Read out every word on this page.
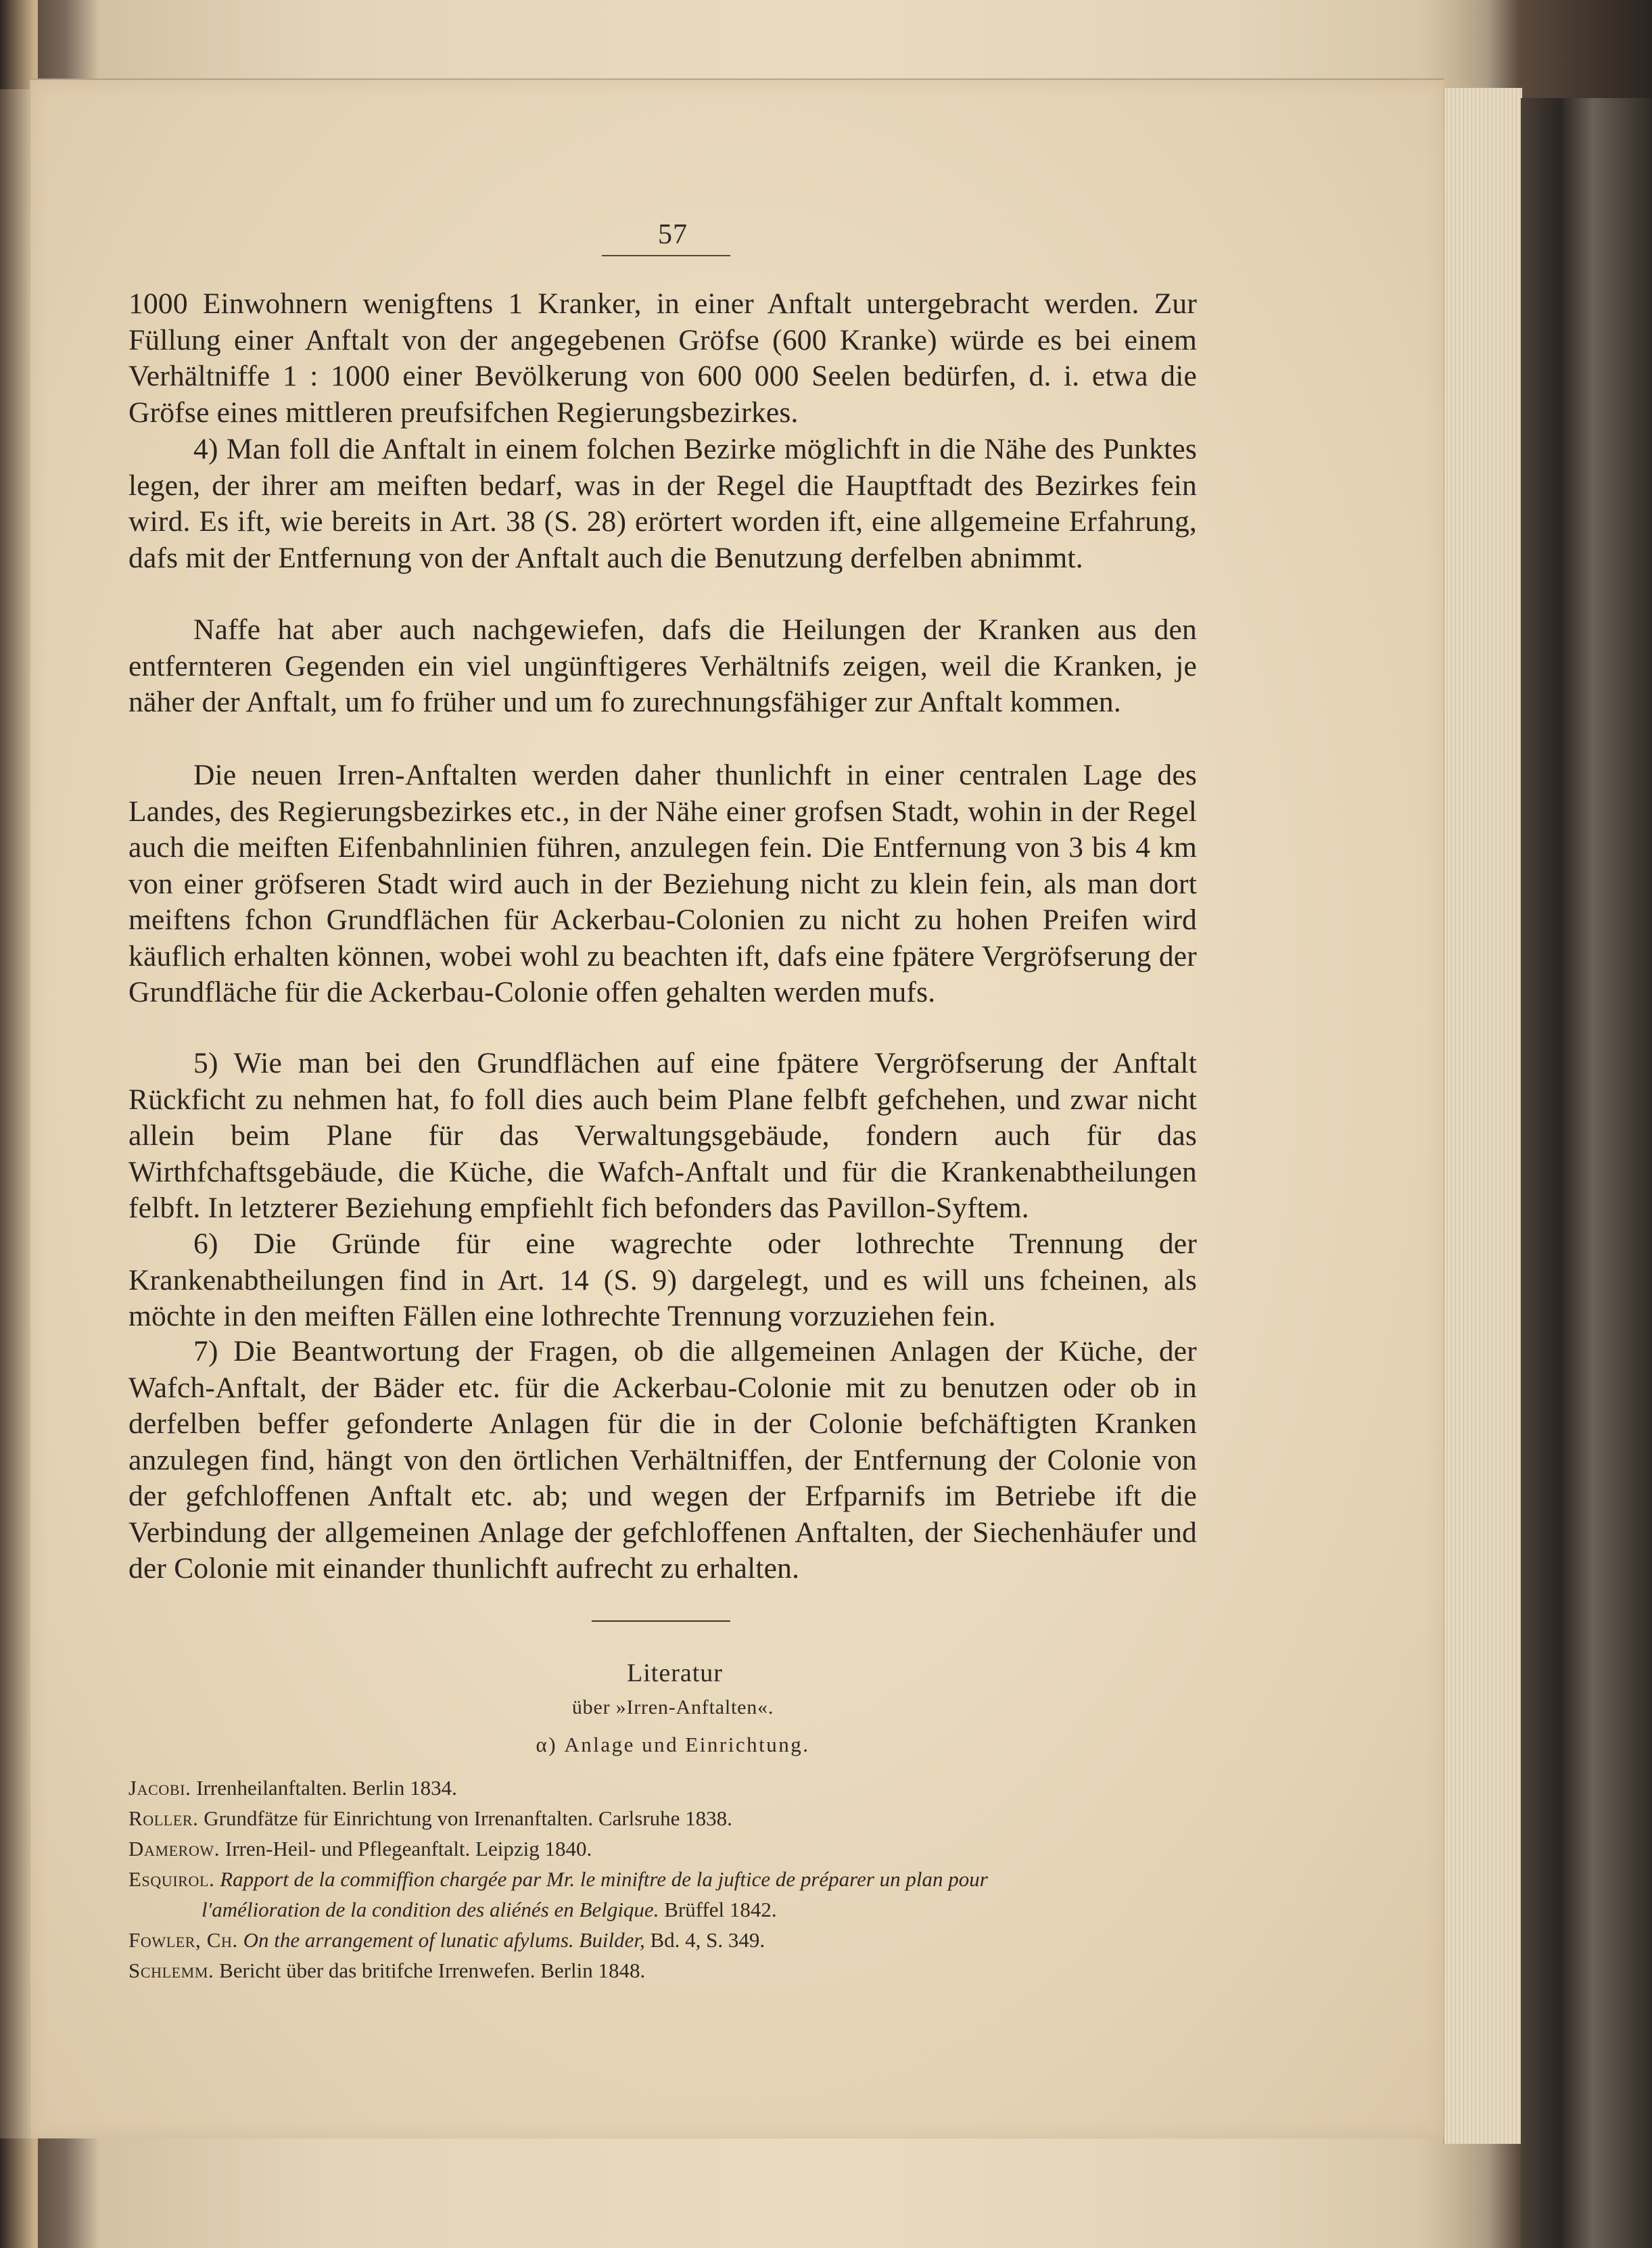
57

1000 Einwohnern wenigftens 1 Kranker, in einer Anftalt untergebracht werden. Zur Füllung einer Anftalt von der angegebenen Gröfse (600 Kranke) würde es bei einem Verhältniffe 1 : 1000 einer Bevölkerung von 600 000 Seelen bedürfen, d. i. etwa die Gröfse eines mittleren preufsifchen Regierungsbezirkes.

4) Man foll die Anftalt in einem folchen Bezirke möglichft in die Nähe des Punktes legen, der ihrer am meiften bedarf, was in der Regel die Hauptftadt des Bezirkes fein wird. Es ift, wie bereits in Art. 38 (S. 28) erörtert worden ift, eine allgemeine Erfahrung, dafs mit der Entfernung von der Anftalt auch die Benutzung derfelben abnimmt.

Naffe hat aber auch nachgewiefen, dafs die Heilungen der Kranken aus den entfernteren Gegenden ein viel ungünftigeres Verhältnifs zeigen, weil die Kranken, je näher der Anftalt, um fo früher und um fo zurechnungsfähiger zur Anftalt kommen.

Die neuen Irren-Anftalten werden daher thunlichft in einer centralen Lage des Landes, des Regierungsbezirkes etc., in der Nähe einer grofsen Stadt, wohin in der Regel auch die meiften Eifenbahnlinien führen, anzulegen fein. Die Entfernung von 3 bis 4 km von einer gröfseren Stadt wird auch in der Beziehung nicht zu klein fein, als man dort meiftens fchon Grundflächen für Ackerbau-Colonien zu nicht zu hohen Preifen wird käuflich erhalten können, wobei wohl zu beachten ift, dafs eine fpätere Vergröfserung der Grundfläche für die Ackerbau-Colonie offen gehalten werden mufs.

5) Wie man bei den Grundflächen auf eine fpätere Vergröfserung der Anftalt Rückficht zu nehmen hat, fo foll dies auch beim Plane felbft gefchehen, und zwar nicht allein beim Plane für das Verwaltungsgebäude, fondern auch für das Wirthfchaftsgebäude, die Küche, die Wafch-Anftalt und für die Krankenabtheilungen felbft. In letzterer Beziehung empfiehlt fich befonders das Pavillon-Syftem.

6) Die Gründe für eine wagrechte oder lothrechte Trennung der Krankenabtheilungen find in Art. 14 (S. 9) dargelegt, und es will uns fcheinen, als möchte in den meiften Fällen eine lothrechte Trennung vorzuziehen fein.

7) Die Beantwortung der Fragen, ob die allgemeinen Anlagen der Küche, der Wafch-Anftalt, der Bäder etc. für die Ackerbau-Colonie mit zu benutzen oder ob in derfelben beffer gefonderte Anlagen für die in der Colonie befchäftigten Kranken anzulegen find, hängt von den örtlichen Verhältniffen, der Entfernung der Colonie von der gefchloffenen Anftalt etc. ab; und wegen der Erfparnifs im Betriebe ift die Verbindung der allgemeinen Anlage der gefchloffenen Anftalten, der Siechenhäufer und der Colonie mit einander thunlichft aufrecht zu erhalten.

Literatur
über »Irren-Anftalten«.
α) Anlage und Einrichtung.
Jacobi. Irrenheilanftalten. Berlin 1834.
Roller. Grundfätze für Einrichtung von Irrenanftalten. Carlsruhe 1838.
Damerow. Irren-Heil- und Pflegeanftalt. Leipzig 1840.
Esquirol. Rapport de la commiffion chargée par Mr. le miniftre de la juftice de préparer un plan pour
l'amélioration de la condition des aliénés en Belgique. Brüffel 1842.
Fowler, Ch. On the arrangement of lunatic afylums. Builder, Bd. 4, S. 349.
Schlemm. Bericht über das britifche Irrenwefen. Berlin 1848.
